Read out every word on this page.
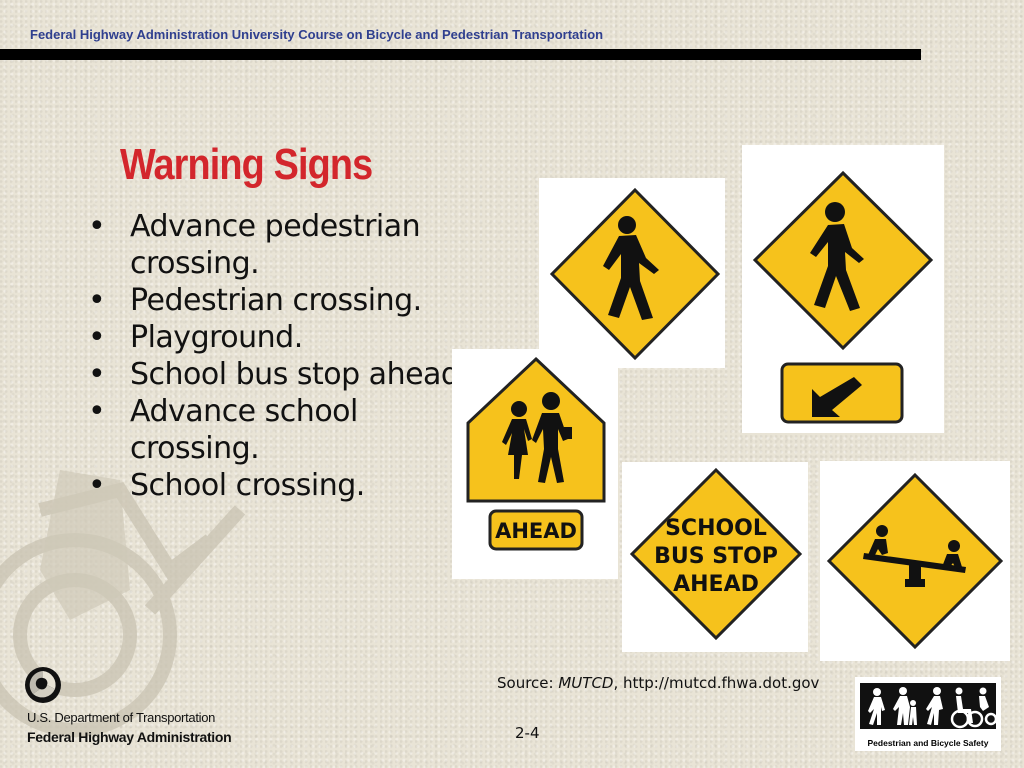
Federal Highway Administration University Course on Bicycle and Pedestrian Transportation
Warning Signs
• Advance pedestrian crossing.
• Pedestrian crossing.
• Playground.
• School bus stop ahead.
• Advance school crossing.
• School crossing.
AHEAD	SCHOOL
BUS STOP
AHEAD
Source: MUTCD, http://mutcd.fhwa.dot.gov
2-4
U.S. Department of Transportation
Federal Highway Administration	Pedestrian and Bicycle Safety
